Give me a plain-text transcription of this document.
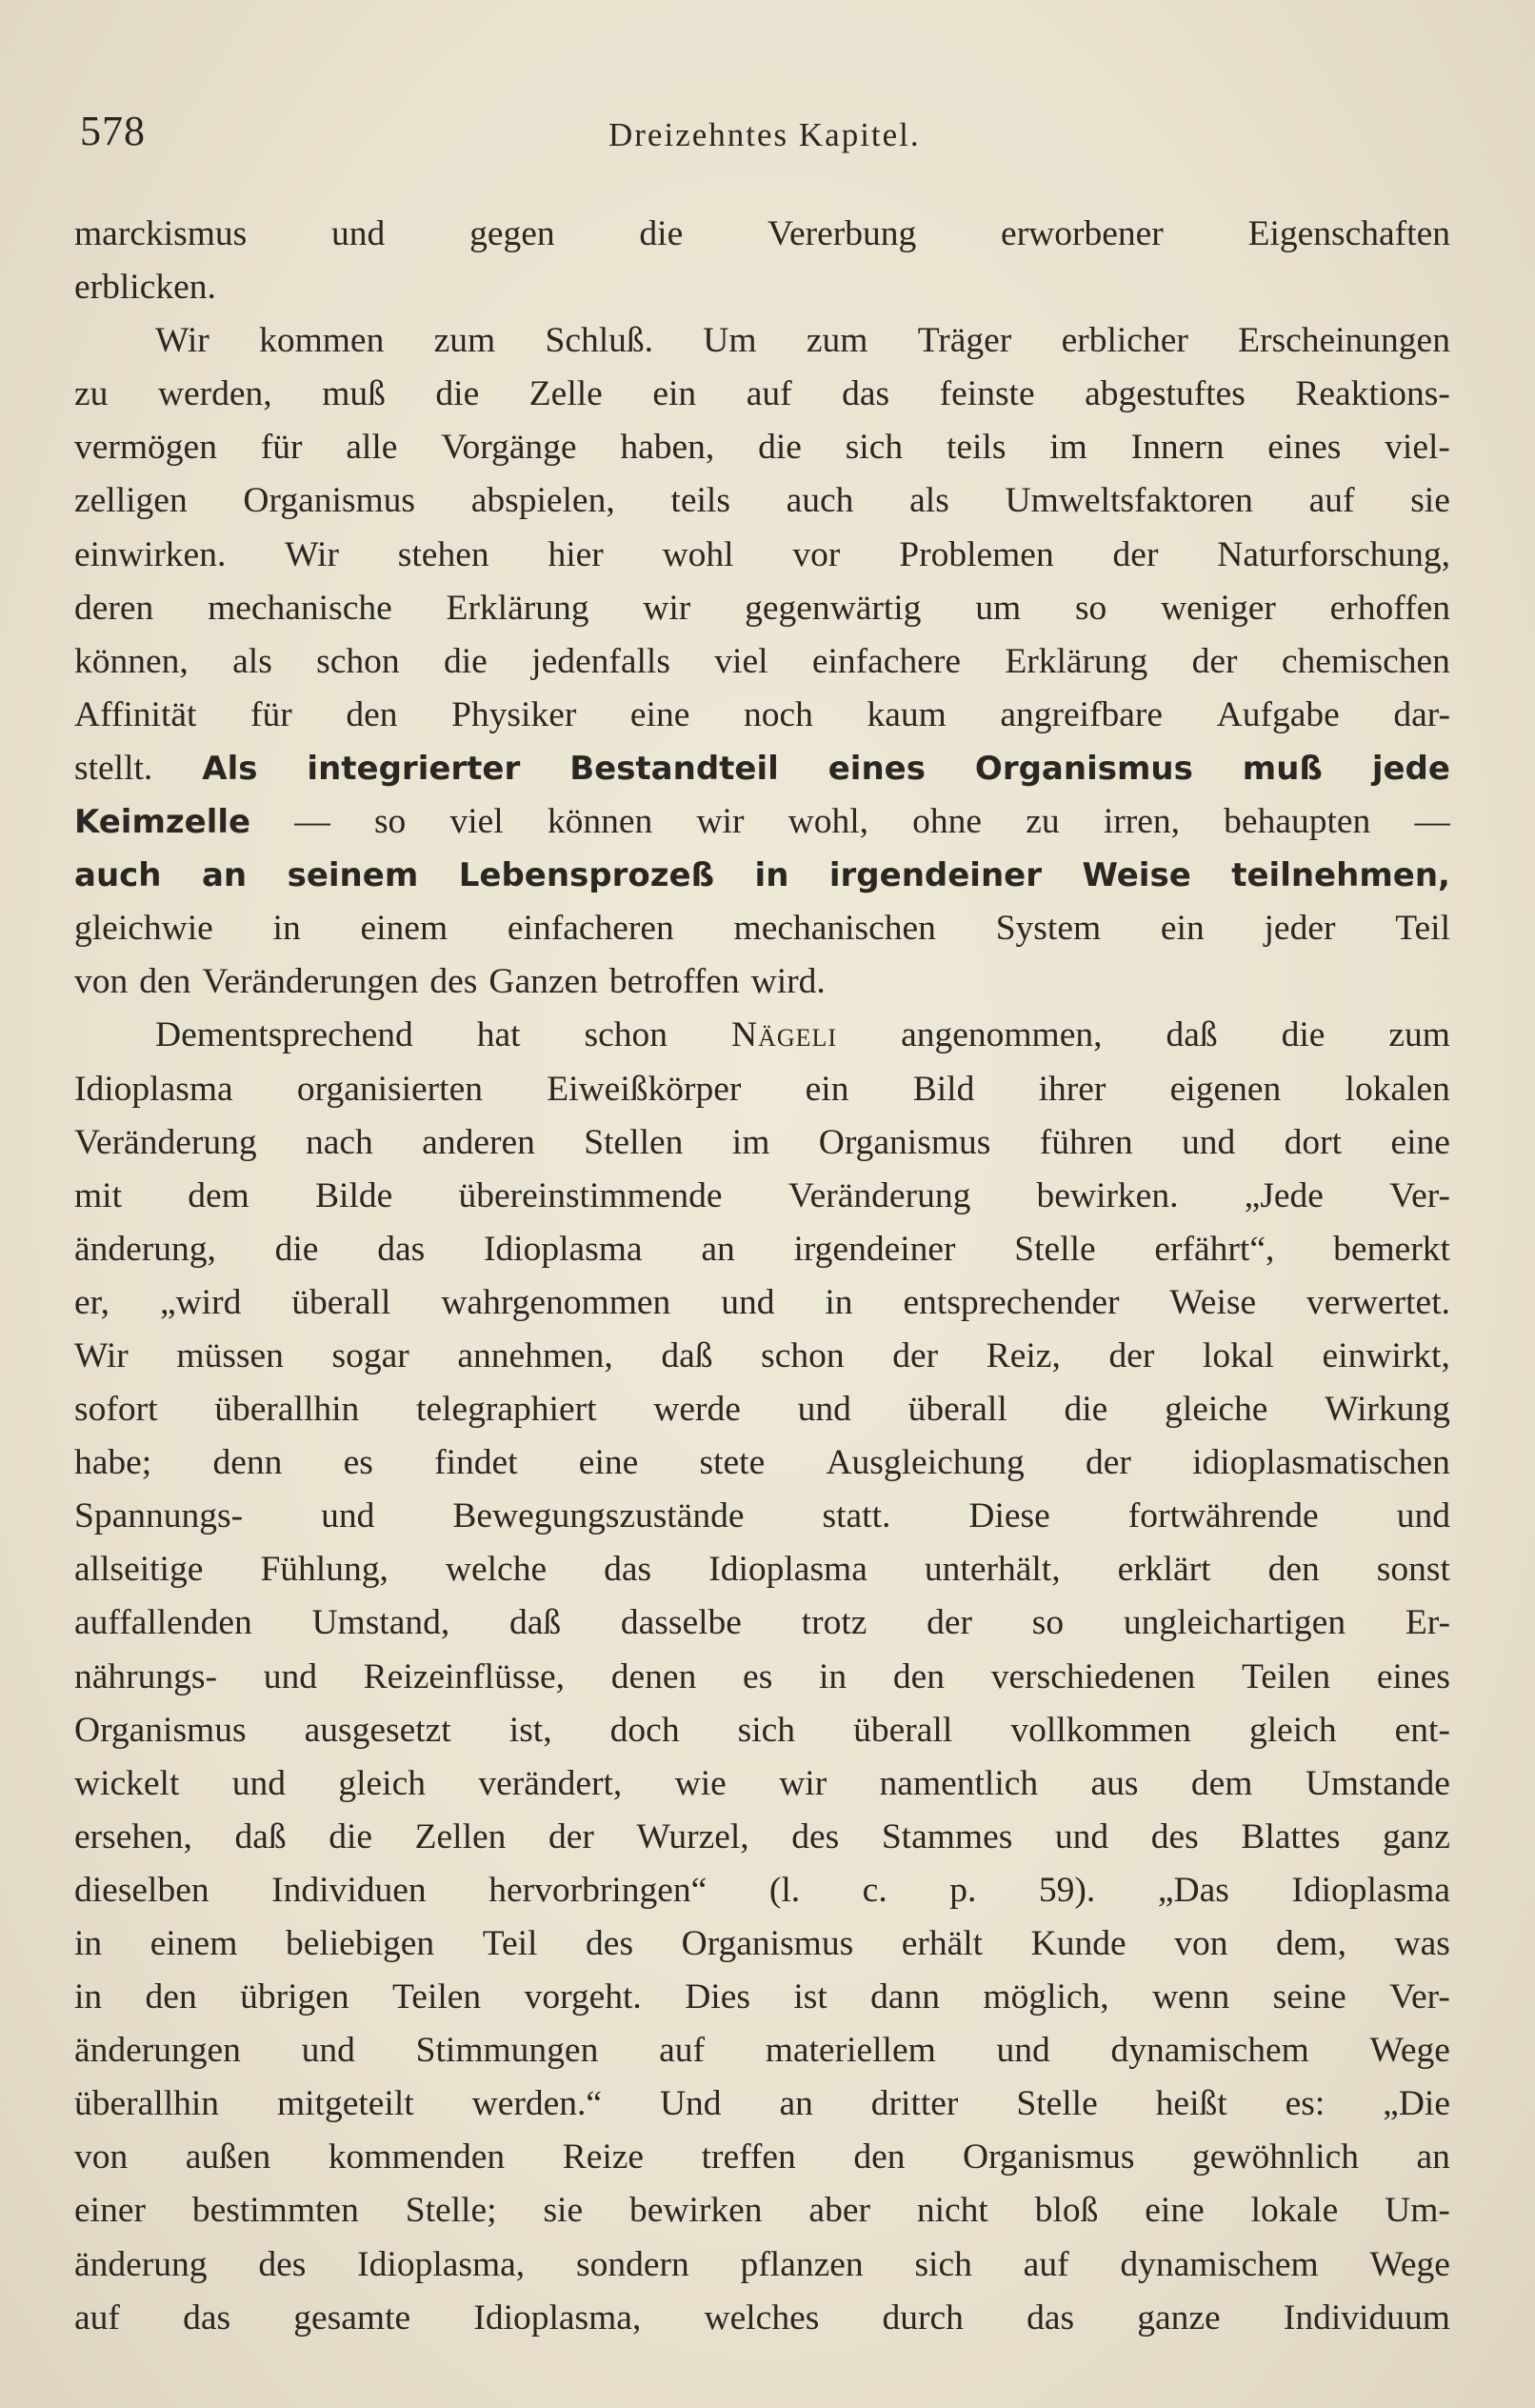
578	Dreizehntes Kapitel.
marckismus und gegen die Vererbung erworbener Eigenschaften
erblicken.
Wir kommen zum Schluß. Um zum Träger erblicher Erscheinungen
zu werden, muß die Zelle ein auf das feinste abgestuftes Reaktions-
vermögen für alle Vorgänge haben, die sich teils im Innern eines viel-
zelligen Organismus abspielen, teils auch als Umweltsfaktoren auf sie
einwirken. Wir stehen hier wohl vor Problemen der Naturforschung,
deren mechanische Erklärung wir gegenwärtig um so weniger erhoffen
können, als schon die jedenfalls viel einfachere Erklärung der chemischen
Affinität für den Physiker eine noch kaum angreifbare Aufgabe dar-
stellt. Als integrierter Bestandteil eines Organismus muß jede
Keimzelle — so viel können wir wohl, ohne zu irren, behaupten —
auch an seinem Lebensprozeß in irgendeiner Weise teilnehmen,
gleichwie in einem einfacheren mechanischen System ein jeder Teil
von den Veränderungen des Ganzen betroffen wird.
Dementsprechend hat schon Nägeli angenommen, daß die zum
Idioplasma organisierten Eiweißkörper ein Bild ihrer eigenen lokalen
Veränderung nach anderen Stellen im Organismus führen und dort eine
mit dem Bilde übereinstimmende Veränderung bewirken. „Jede Ver-
änderung, die das Idioplasma an irgendeiner Stelle erfährt“, bemerkt
er, „wird überall wahrgenommen und in entsprechender Weise verwertet.
Wir müssen sogar annehmen, daß schon der Reiz, der lokal einwirkt,
sofort überallhin telegraphiert werde und überall die gleiche Wirkung
habe; denn es findet eine stete Ausgleichung der idioplasmatischen
Spannungs- und Bewegungszustände statt. Diese fortwährende und
allseitige Fühlung, welche das Idioplasma unterhält, erklärt den sonst
auffallenden Umstand, daß dasselbe trotz der so ungleichartigen Er-
nährungs- und Reizeinflüsse, denen es in den verschiedenen Teilen eines
Organismus ausgesetzt ist, doch sich überall vollkommen gleich ent-
wickelt und gleich verändert, wie wir namentlich aus dem Umstande
ersehen, daß die Zellen der Wurzel, des Stammes und des Blattes ganz
dieselben Individuen hervorbringen“ (l. c. p. 59). „Das Idioplasma
in einem beliebigen Teil des Organismus erhält Kunde von dem, was
in den übrigen Teilen vorgeht. Dies ist dann möglich, wenn seine Ver-
änderungen und Stimmungen auf materiellem und dynamischem Wege
überallhin mitgeteilt werden.“ Und an dritter Stelle heißt es: „Die
von außen kommenden Reize treffen den Organismus gewöhnlich an
einer bestimmten Stelle; sie bewirken aber nicht bloß eine lokale Um-
änderung des Idioplasma, sondern pflanzen sich auf dynamischem Wege
auf das gesamte Idioplasma, welches durch das ganze Individuum
